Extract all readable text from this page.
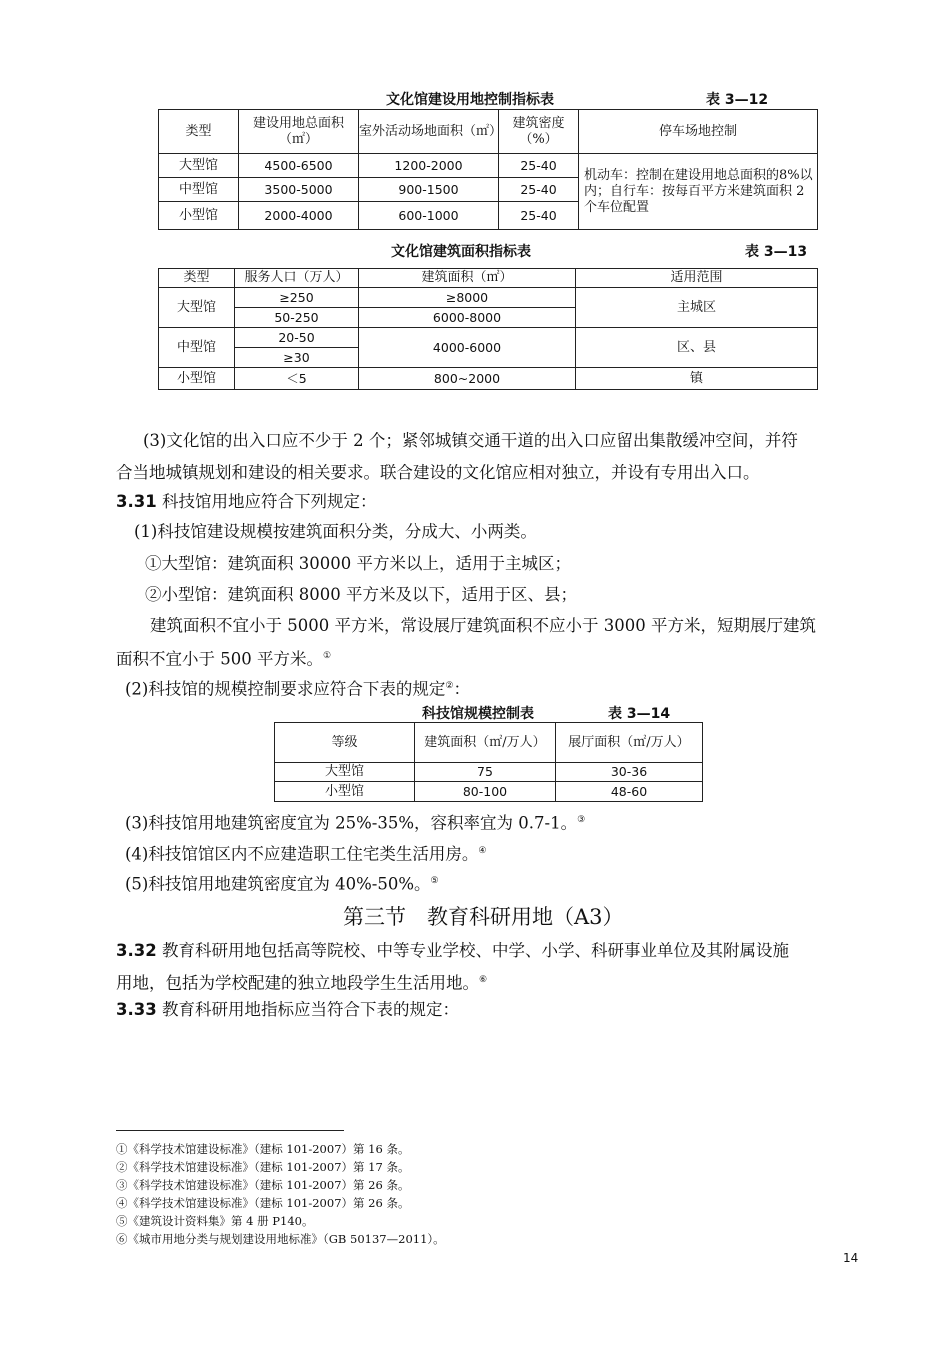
文化馆建设用地控制指标表	表 3—12
类型	建设用地总面积（㎡）	室外活动场地面积（㎡）	建筑密度（%）	停车场地控制
大型馆	4500-6500	1200-2000	25-40	机动车：控制在建设用地总面积的8%以内；自行车：按每百平方米建筑面积 2 个车位配置
中型馆	3500-5000	900-1500	25-40	
小型馆	2000-4000	600-1000	25-40	
文化馆建筑面积指标表	表 3—13
类型	服务人口（万人）	建筑面积（㎡）	适用范围
大型馆	≥250	≥8000	主城区
	50-250	6000-8000	
中型馆	20-50	4000-6000	区、县
	≥30		
小型馆	＜5	800~2000	镇
(3)文化馆的出入口应不少于 2 个；紧邻城镇交通干道的出入口应留出集散缓冲空间，并符
合当地城镇规划和建设的相关要求。联合建设的文化馆应相对独立，并设有专用出入口。
3.31 科技馆用地应符合下列规定：
(1)科技馆建设规模按建筑面积分类，分成大、小两类。
①大型馆：建筑面积 30000 平方米以上，适用于主城区；
②小型馆：建筑面积 8000 平方米及以下，适用于区、县；
建筑面积不宜小于 5000 平方米，常设展厅建筑面积不应小于 3000 平方米，短期展厅建筑
面积不宜小于 500 平方米。①
(2)科技馆的规模控制要求应符合下表的规定②：
科技馆规模控制表	表 3—14
等级	建筑面积（㎡/万人）	展厅面积（㎡/万人）
大型馆	75	30-36
小型馆	80-100	48-60
(3)科技馆用地建筑密度宜为 25%-35%，容积率宜为 0.7-1。③
(4)科技馆馆区内不应建造职工住宅类生活用房。④
(5)科技馆用地建筑密度宜为 40%-50%。⑤
第三节　教育科研用地（A3）
3.32 教育科研用地包括高等院校、中等专业学校、中学、小学、科研事业单位及其附属设施
用地，包括为学校配建的独立地段学生生活用地。⑥
3.33 教育科研用地指标应当符合下表的规定：
①《科学技术馆建设标准》（建标 101-2007）第 16 条。
②《科学技术馆建设标准》（建标 101-2007）第 17 条。
③《科学技术馆建设标准》（建标 101-2007）第 26 条。
④《科学技术馆建设标准》（建标 101-2007）第 26 条。
⑤《建筑设计资料集》第 4 册 P140。
⑥《城市用地分类与规划建设用地标准》（GB 50137—2011）。
14
